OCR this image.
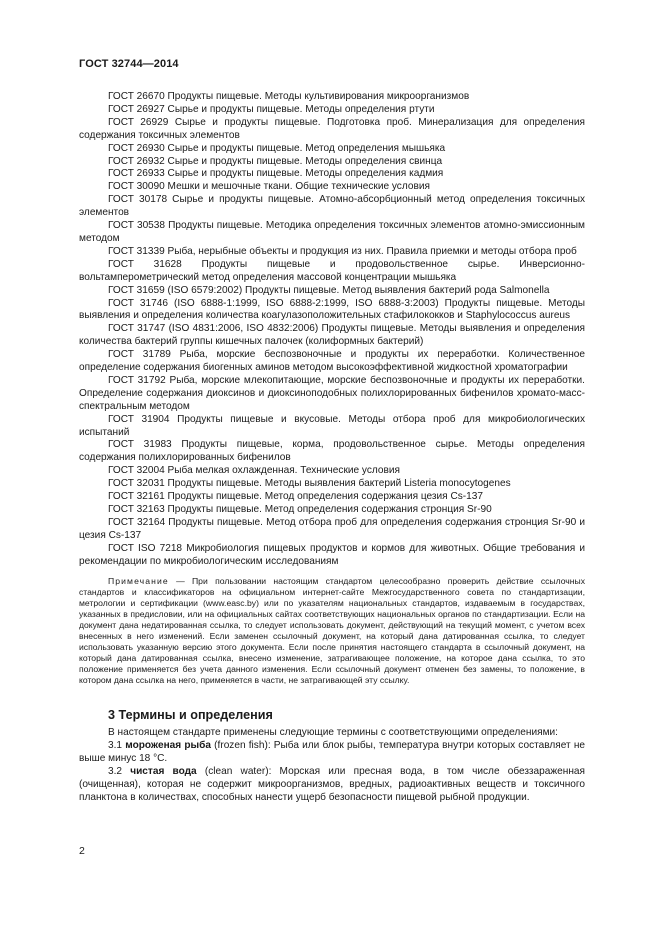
ГОСТ 32744—2014

ГОСТ 26670 Продукты пищевые. Методы культивирования микроорганизмов

ГОСТ 26927 Сырье и продукты пищевые. Методы определения ртути

ГОСТ 26929 Сырье и продукты пищевые. Подготовка проб. Минерализация для определения содержания токсичных элементов

ГОСТ 26930 Сырье и продукты пищевые. Метод определения мышьяка

ГОСТ 26932 Сырье и продукты пищевые. Методы определения свинца

ГОСТ 26933 Сырье и продукты пищевые. Методы определения кадмия

ГОСТ 30090 Мешки и мешочные ткани. Общие технические условия

ГОСТ 30178 Сырье и продукты пищевые. Атомно-абсорбционный метод определения токсичных элементов

ГОСТ 30538 Продукты пищевые. Методика определения токсичных элементов атомно-эмиссионным методом

ГОСТ 31339 Рыба, нерыбные объекты и продукция из них. Правила приемки и методы отбора проб

ГОСТ 31628 Продукты пищевые и продовольственное сырье. Инверсионно-вольтамперометрический метод определения массовой концентрации мышьяка

ГОСТ 31659 (ISO 6579:2002) Продукты пищевые. Метод выявления бактерий рода Salmonella

ГОСТ 31746 (ISO 6888-1:1999, ISO 6888-2:1999, ISO 6888-3:2003) Продукты пищевые. Методы выявления и определения количества коагулазоположительных стафилококков и Staphylococcus aureus

ГОСТ 31747 (ISO 4831:2006, ISO 4832:2006) Продукты пищевые. Методы выявления и определения количества бактерий группы кишечных палочек (колиформных бактерий)

ГОСТ 31789 Рыба, морские беспозвоночные и продукты их переработки. Количественное определение содержания биогенных аминов методом высокоэффективной жидкостной хроматографии

ГОСТ 31792 Рыба, морские млекопитающие, морские беспозвоночные и продукты их переработки. Определение содержания диоксинов и диоксиноподобных полихлорированных бифенилов хромато-масс-спектральным методом

ГОСТ 31904 Продукты пищевые и вкусовые. Методы отбора проб для микробиологических испытаний

ГОСТ 31983 Продукты пищевые, корма, продовольственное сырье. Методы определения содержания полихлорированных бифенилов

ГОСТ 32004 Рыба мелкая охлажденная. Технические условия

ГОСТ 32031 Продукты пищевые. Методы выявления бактерий Listeria monocytogenes

ГОСТ 32161 Продукты пищевые. Метод определения содержания цезия Cs-137

ГОСТ 32163 Продукты пищевые. Метод определения содержания стронция Sr-90

ГОСТ 32164 Продукты пищевые. Метод отбора проб для определения содержания стронция Sr-90 и цезия Cs-137

ГОСТ ISO 7218 Микробиология пищевых продуктов и кормов для животных. Общие требования и рекомендации по микробиологическим исследованиям

Примечание — При пользовании настоящим стандартом целесообразно проверить действие ссылочных стандартов и классификаторов на официальном интернет-сайте Межгосударственного совета по стандартизации, метрологии и сертификации (www.easc.by) или по указателям национальных стандартов, издаваемым в государствах, указанных в предисловии, или на официальных сайтах соответствующих национальных органов по стандартизации. Если на документ дана недатированная ссылка, то следует использовать документ, действующий на текущий момент, с учетом всех внесенных в него изменений. Если заменен ссылочный документ, на который дана датированная ссылка, то следует использовать указанную версию этого документа. Если после принятия настоящего стандарта в ссылочный документ, на который дана датированная ссылка, внесено изменение, затрагивающее положение, на которое дана ссылка, то это положение применяется без учета данного изменения. Если ссылочный документ отменен без замены, то положение, в котором дана ссылка на него, применяется в части, не затрагивающей эту ссылку.

3 Термины и определения

В настоящем стандарте применены следующие термины с соответствующими определениями:

3.1 мороженая рыба (frozen fish): Рыба или блок рыбы, температура внутри которых составляет не выше минус 18 °С.

3.2 чистая вода (clean water): Морская или пресная вода, в том числе обеззараженная (очищенная), которая не содержит микроорганизмов, вредных, радиоактивных веществ и токсичного планктона в количествах, способных нанести ущерб безопасности пищевой рыбной продукции.

2
